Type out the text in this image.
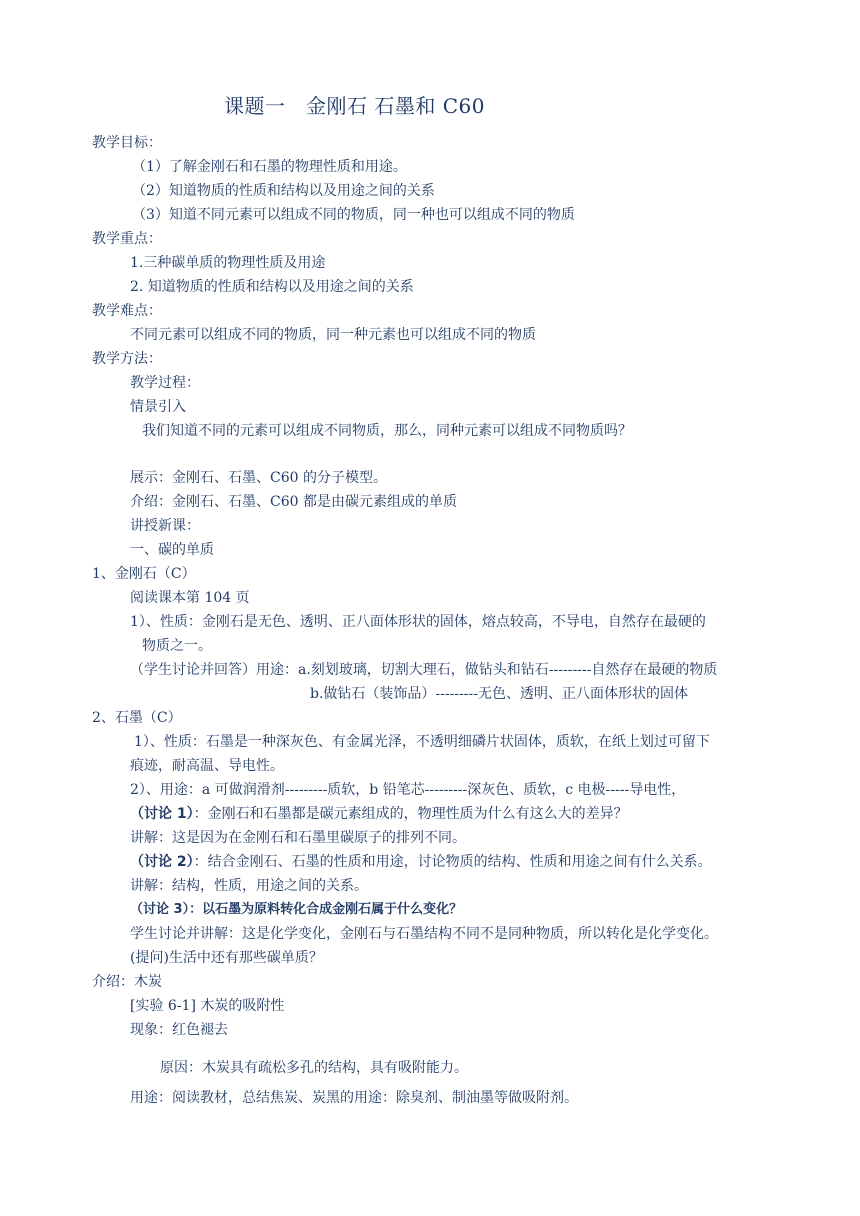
课题一　金刚石 石墨和 C60
教学目标：
（1）了解金刚石和石墨的物理性质和用途。
（2）知道物质的性质和结构以及用途之间的关系
（3）知道不同元素可以组成不同的物质，同一种也可以组成不同的物质
教学重点：
1.三种碳单质的物理性质及用途
2. 知道物质的性质和结构以及用途之间的关系
教学难点：
不同元素可以组成不同的物质，同一种元素也可以组成不同的物质
教学方法：
教学过程：
情景引入
我们知道不同的元素可以组成不同物质，那么，同种元素可以组成不同物质吗？
展示：金刚石、石墨、C60 的分子模型。
介绍：金刚石、石墨、C60 都是由碳元素组成的单质
讲授新课：
一、碳的单质
1、金刚石（C）
阅读课本第 104 页
1）、性质：金刚石是无色、透明、正八面体形状的固体，熔点较高，不导电，自然存在最硬的
物质之一。
（学生讨论并回答）用途：a.刻划玻璃，切割大理石，做钻头和钻石---------自然存在最硬的物质
b.做钻石（装饰品）---------无色、透明、正八面体形状的固体
2、石墨（C）
1）、性质：石墨是一种深灰色、有金属光泽，不透明细磷片状固体，质软，在纸上划过可留下
痕迹，耐高温、导电性。
2）、用途：a 可做润滑剂---------质软，b 铅笔芯---------深灰色、质软，c 电极-----导电性，
（讨论 1）：金刚石和石墨都是碳元素组成的，物理性质为什么有这么大的差异？
讲解：这是因为在金刚石和石墨里碳原子的排列不同。
（讨论 2）：结合金刚石、石墨的性质和用途，讨论物质的结构、性质和用途之间有什么关系。
讲解：结构，性质，用途之间的关系。
（讨论 3）：以石墨为原料转化合成金刚石属于什么变化？
学生讨论并讲解：这是化学变化，金刚石与石墨结构不同不是同种物质，所以转化是化学变化。
(提问)生活中还有那些碳单质？
介绍：木炭
[实验 6-1] 木炭的吸附性
现象：红色褪去
原因：木炭具有疏松多孔的结构，具有吸附能力。
用途：阅读教材，总结焦炭、炭黑的用途：除臭剂、制油墨等做吸附剂。
